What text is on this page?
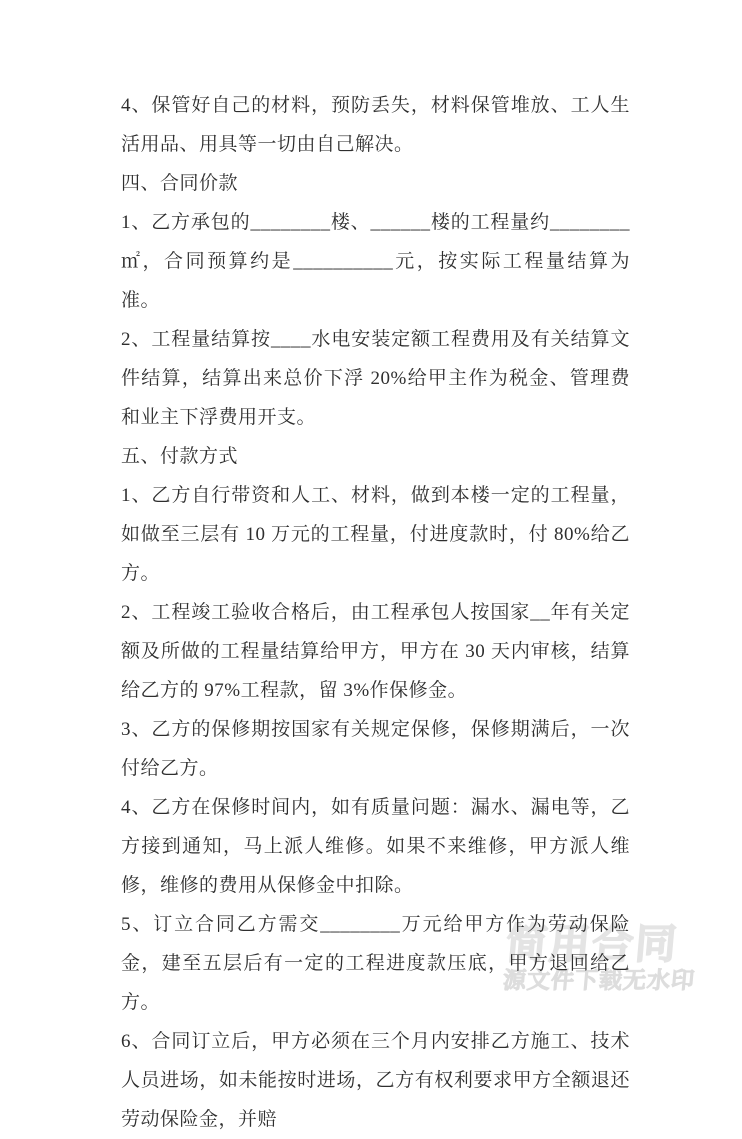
4、保管好自己的材料，预防丢失，材料保管堆放、工人生活用品、用具等一切由自己解决。

四、合同价款

1、乙方承包的________楼、______楼的工程量约________㎡，合同预算约是__________元，按实际工程量结算为准。

2、工程量结算按____水电安装定额工程费用及有关结算文件结算，结算出来总价下浮 20%给甲主作为税金、管理费和业主下浮费用开支。

五、付款方式

1、乙方自行带资和人工、材料，做到本楼一定的工程量，如做至三层有 10 万元的工程量，付进度款时，付 80%给乙方。

2、工程竣工验收合格后，由工程承包人按国家__年有关定额及所做的工程量结算给甲方，甲方在 30 天内审核，结算给乙方的 97%工程款，留 3%作保修金。

3、乙方的保修期按国家有关规定保修，保修期满后，一次付给乙方。

4、乙方在保修时间内，如有质量问题：漏水、漏电等，乙方接到通知，马上派人维修。如果不来维修，甲方派人维修，维修的费用从保修金中扣除。

5、订立合同乙方需交________万元给甲方作为劳动保险金，建至五层后有一定的工程进度款压底，甲方退回给乙方。

6、合同订立后，甲方必须在三个月内安排乙方施工、技术人员进场，如未能按时进场，乙方有权利要求甲方全额退还劳动保险金，并赔

简用合同
源文件下载无水印
